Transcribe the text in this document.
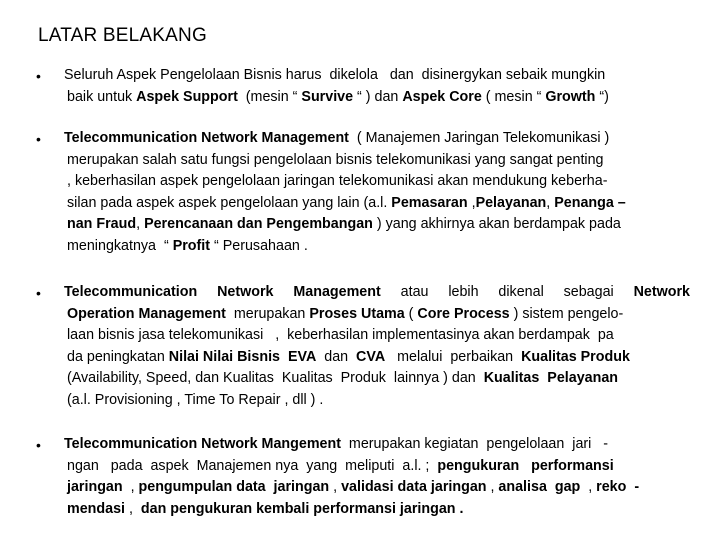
LATAR BELAKANG
• Seluruh Aspek Pengelolaan Bisnis harus  dikelola   dan  disinergykan sebaik mungkin
baik untuk Aspek Support  (mesin “ Survive “ ) dan Aspek Core ( mesin “ Growth “)
• Telecommunication Network Management  ( Manajemen Jaringan Telekomunikasi )
merupakan salah satu fungsi pengelolaan bisnis telekomunikasi yang sangat penting
, keberhasilan aspek pengelolaan jaringan telekomunikasi akan mendukung keberha-
silan pada aspek aspek pengelolaan yang lain (a.l. Pemasaran ,Pelayanan, Penanga –
nan Fraud, Perencanaan dan Pengembangan ) yang akhirnya akan berdampak pada
meningkatnya  “ Profit “ Perusahaan .
• Telecommunication Network Management atau lebih dikenal sebagai Network
Operation Management  merupakan Proses Utama ( Core Process ) sistem pengelo-
laan bisnis jasa telekomunikasi   ,  keberhasilan implementasinya akan berdampak  pa
da peningkatan Nilai Nilai Bisnis EVA  dan  CVA   melalui  perbaikan  Kualitas Produk
(Availability, Speed, dan Kualitas  Kualitas  Produk  lainnya ) dan  Kualitas  Pelayanan
(a.l. Provisioning , Time To Repair , dll ) .
• Telecommunication Network Mangement  merupakan kegiatan  pengelolaan  jari   -
ngan   pada  aspek  Manajemen nya  yang  meliputi  a.l. ;  pengukuran   performansi
jaringan  , pengumpulan data  jaringan , validasi data jaringan , analisa  gap  , reko  -
mendasi ,  dan pengukuran kembali performansi jaringan .
